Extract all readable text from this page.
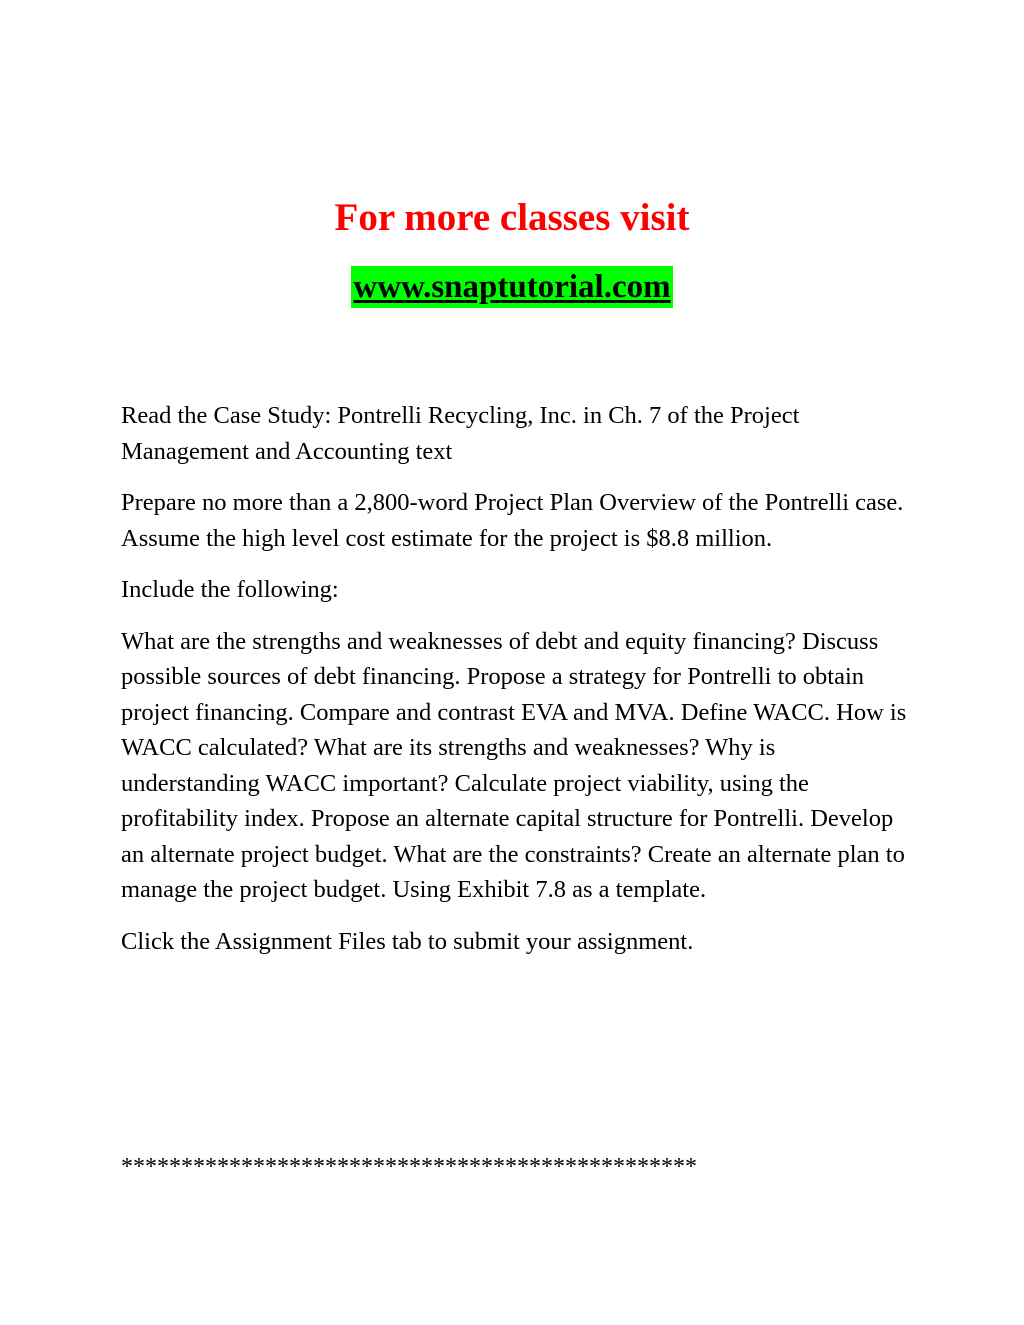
For more classes visit
www.snaptutorial.com

Read the Case Study: Pontrelli Recycling, Inc. in Ch. 7 of the Project Management and Accounting text

Prepare no more than a 2,800-word Project Plan Overview of the Pontrelli case. Assume the high level cost estimate for the project is $8.8 million.

Include the following:

What are the strengths and weaknesses of debt and equity financing? Discuss possible sources of debt financing. Propose a strategy for Pontrelli to obtain project financing. Compare and contrast EVA and MVA. Define WACC. How is WACC calculated? What are its strengths and weaknesses? Why is understanding WACC important? Calculate project viability, using the profitability index. Propose an alternate capital structure for Pontrelli. Develop an alternate project budget. What are the constraints? Create an alternate plan to manage the project budget. Using Exhibit 7.8 as a template.

Click the Assignment Files tab to submit your assignment.

************************************************
